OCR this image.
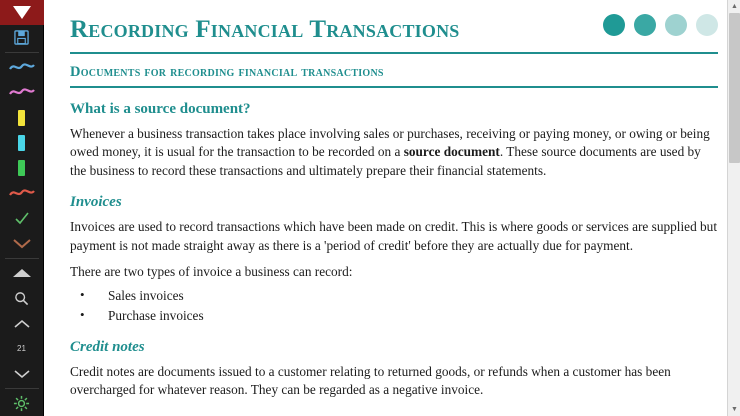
21
Recording Financial Transactions
Documents for recording financial transactions
What is a source document?

Whenever a business transaction takes place involving sales or purchases, receiving or paying money, or owing or being owed money, it is usual for the transaction to be recorded on a source document. These source documents are used by the business to record these transactions and ultimately prepare their financial statements.

Invoices

Invoices are used to record transactions which have been made on credit. This is where goods or services are supplied but payment is not made straight away as there is a 'period of credit' before they are actually due for payment.

There are two types of invoice a business can record:

• Sales invoices
• Purchase invoices
Credit notes

Credit notes are documents issued to a customer relating to returned goods, or refunds when a customer has been overcharged for whatever reason. They can be regarded as a negative invoice.

▲
▼
